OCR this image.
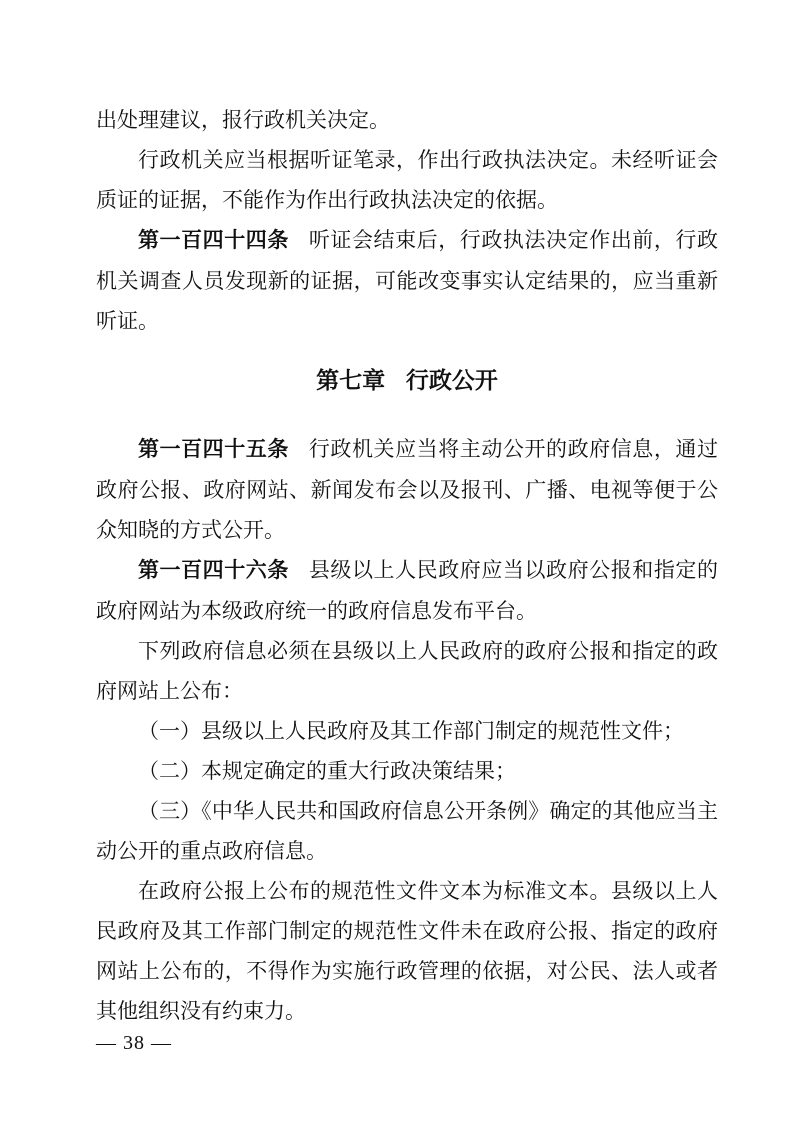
出处理建议，报行政机关决定。

行政机关应当根据听证笔录，作出行政执法决定。未经听证会质证的证据，不能作为作出行政执法决定的依据。

第一百四十四条 听证会结束后，行政执法决定作出前，行政机关调查人员发现新的证据，可能改变事实认定结果的，应当重新听证。

第七章 行政公开

第一百四十五条 行政机关应当将主动公开的政府信息，通过政府公报、政府网站、新闻发布会以及报刊、广播、电视等便于公众知晓的方式公开。

第一百四十六条 县级以上人民政府应当以政府公报和指定的政府网站为本级政府统一的政府信息发布平台。

下列政府信息必须在县级以上人民政府的政府公报和指定的政府网站上公布：

（一）县级以上人民政府及其工作部门制定的规范性文件；

（二）本规定确定的重大行政决策结果；

（三）《中华人民共和国政府信息公开条例》确定的其他应当主动公开的重点政府信息。

在政府公报上公布的规范性文件文本为标准文本。县级以上人民政府及其工作部门制定的规范性文件未在政府公报、指定的政府网站上公布的，不得作为实施行政管理的依据，对公民、法人或者其他组织没有约束力。

— 38 —
